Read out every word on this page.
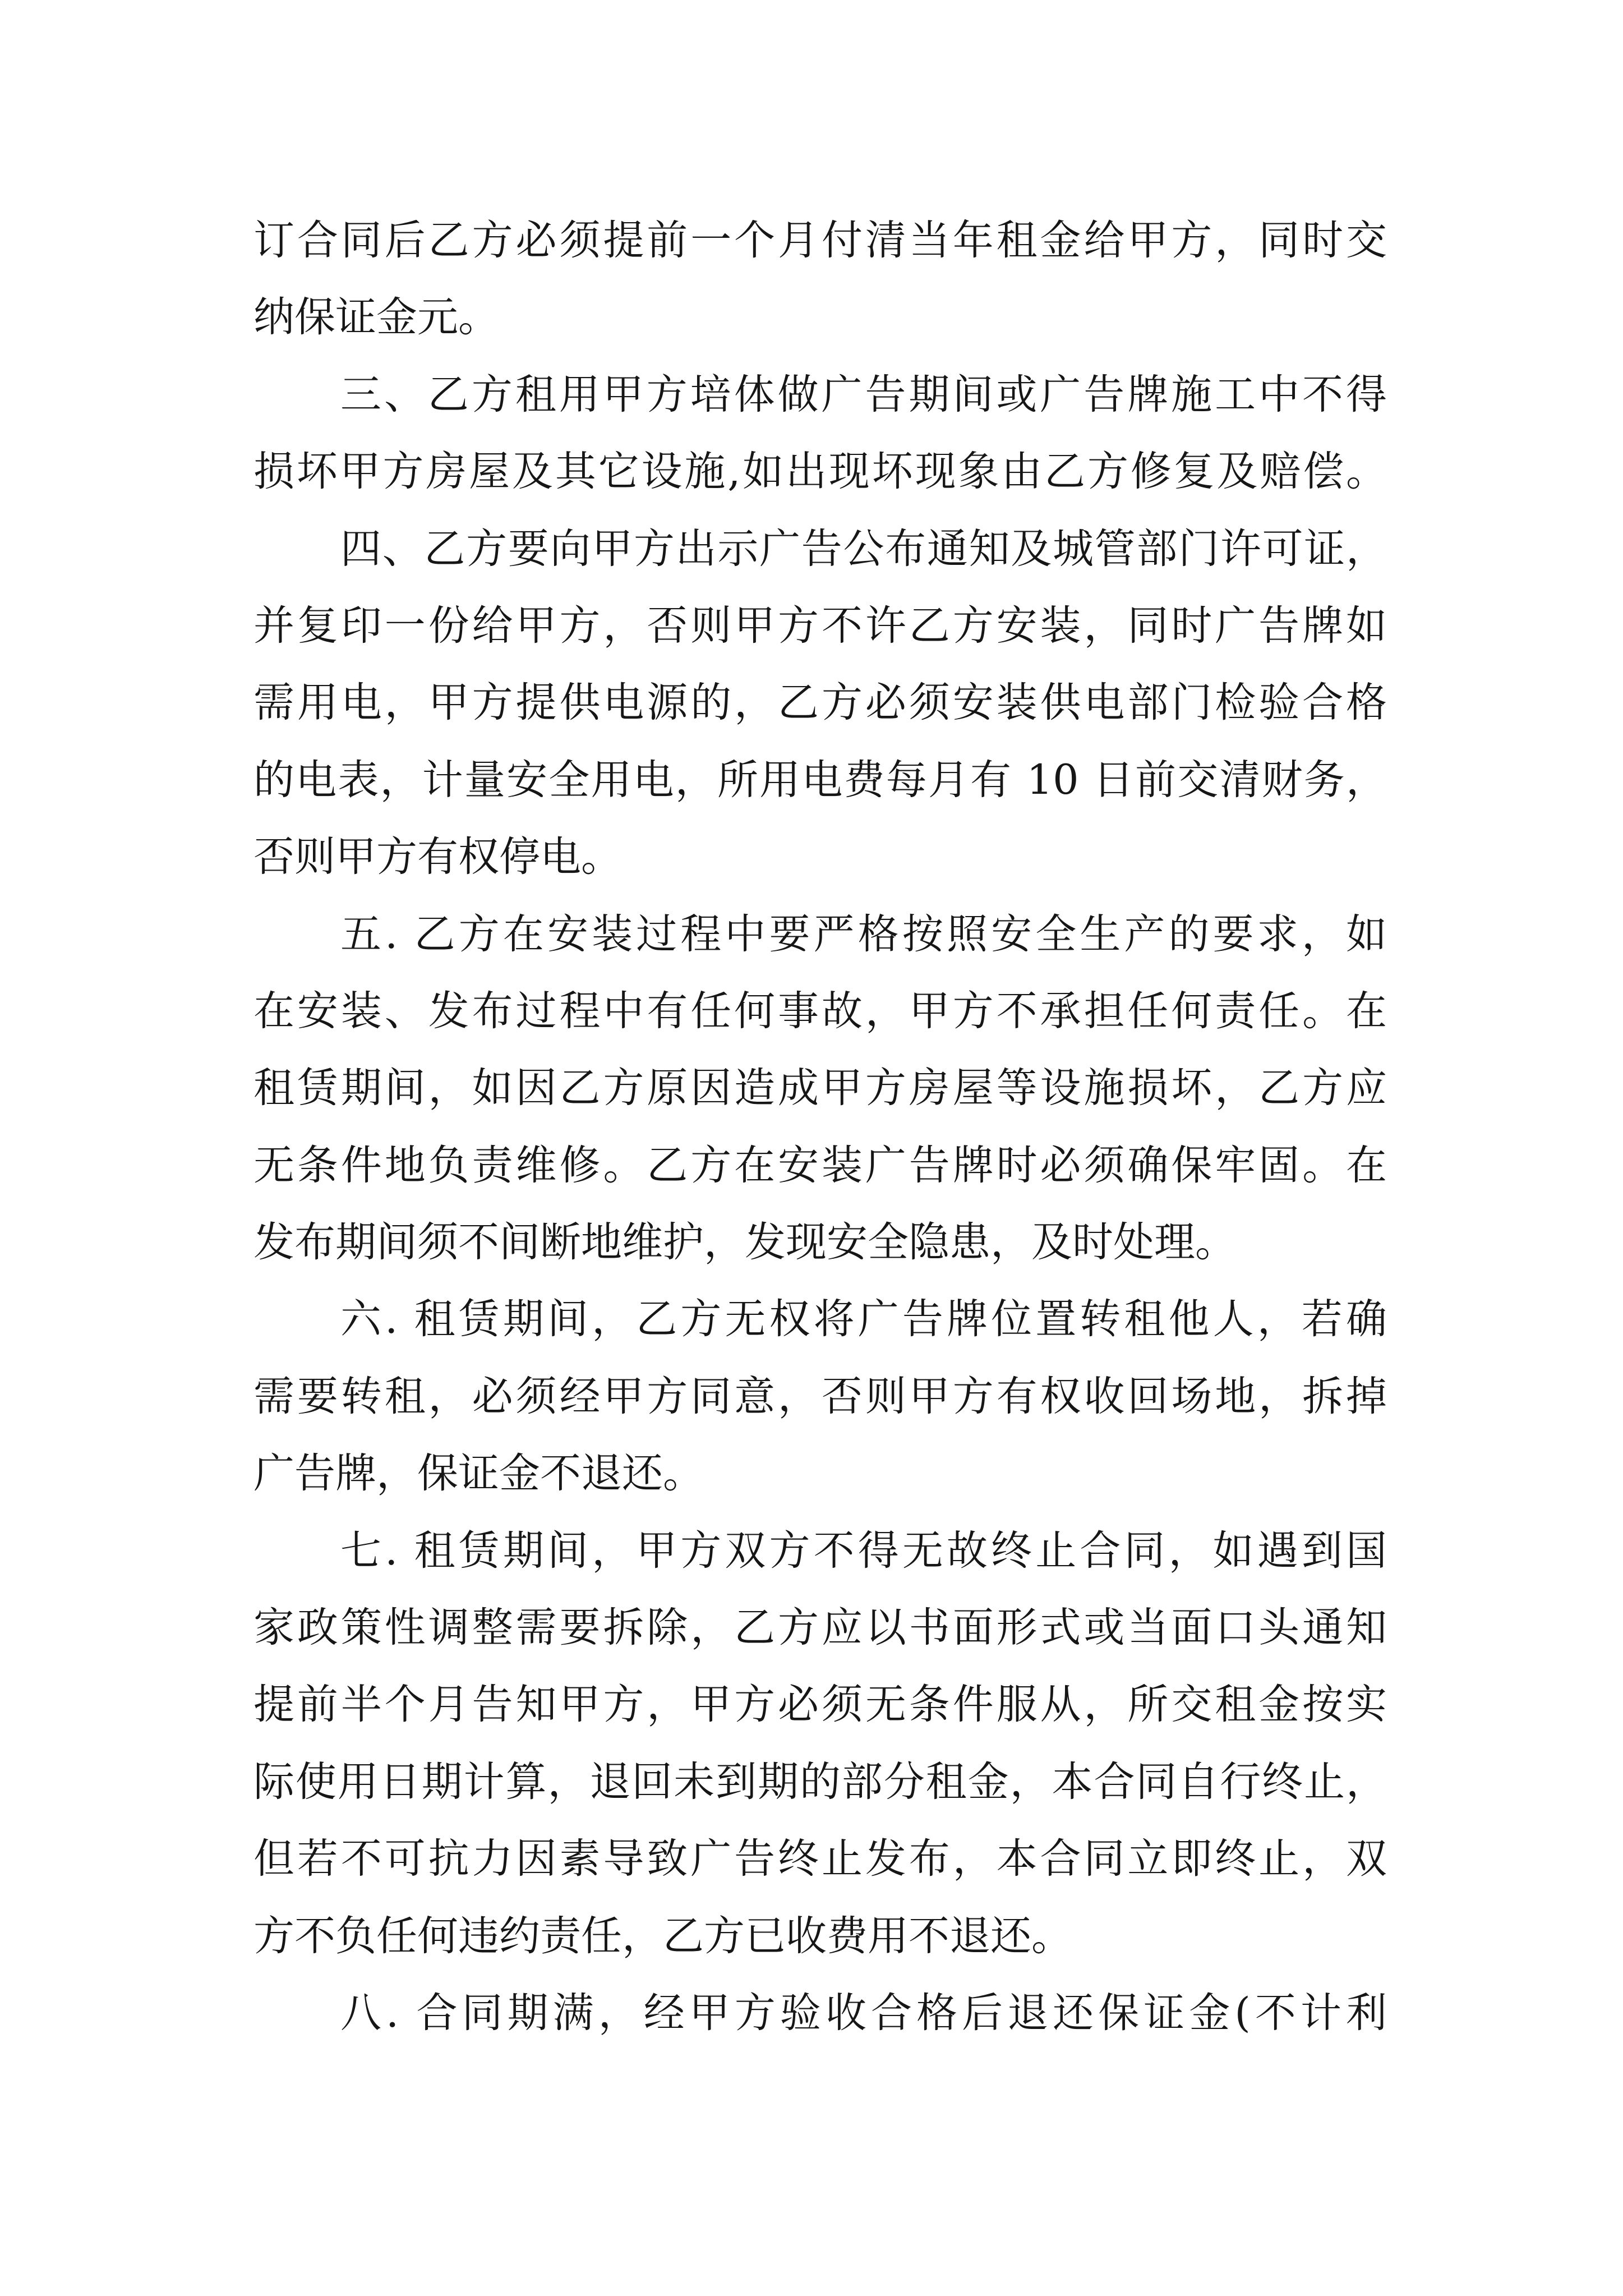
订合同后乙方必须提前一个月付清当年租金给甲方，同时交
纳保证金元。
三、乙方租用甲方培体做广告期间或广告牌施工中不得
损坏甲方房屋及其它设施,如出现坏现象由乙方修复及赔偿。
四、乙方要向甲方出示广告公布通知及城管部门许可证，
并复印一份给甲方，否则甲方不许乙方安装，同时广告牌如
需用电，甲方提供电源的，乙方必须安装供电部门检验合格
的电表，计量安全用电，所用电费每月有 10 日前交清财务，
否则甲方有权停电。
五. 乙方在安装过程中要严格按照安全生产的要求，如
在安装、发布过程中有任何事故，甲方不承担任何责任。在
租赁期间，如因乙方原因造成甲方房屋等设施损坏，乙方应
无条件地负责维修。乙方在安装广告牌时必须确保牢固。在
发布期间须不间断地维护，发现安全隐患，及时处理。
六. 租赁期间，乙方无权将广告牌位置转租他人，若确
需要转租，必须经甲方同意，否则甲方有权收回场地，拆掉
广告牌，保证金不退还。
七. 租赁期间，甲方双方不得无故终止合同，如遇到国
家政策性调整需要拆除，乙方应以书面形式或当面口头通知
提前半个月告知甲方，甲方必须无条件服从，所交租金按实
际使用日期计算，退回未到期的部分租金，本合同自行终止，
但若不可抗力因素导致广告终止发布，本合同立即终止，双
方不负任何违约责任，乙方已收费用不退还。
八. 合同期满，经甲方验收合格后退还保证金(不计利
